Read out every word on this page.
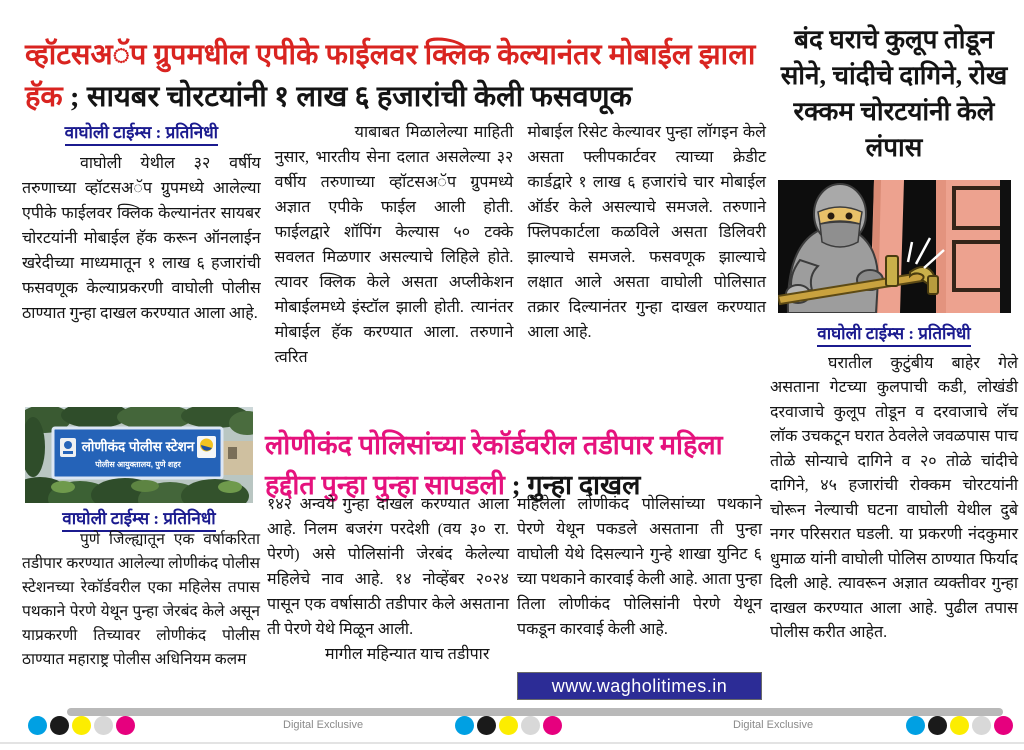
व्हॉटसअॅप ग्रुपमधील एपीके फाईलवर क्लिक केल्यानंतर मोबाईल झाला हॅक ; सायबर चोरटयांनी १ लाख ६ हजारांची केली फसवणूक
वाघोली टाईम्स : प्रतिनिधी

वाघोली येथील ३२ वर्षीय तरुणाच्या व्हॉटसअॅप ग्रुपमध्ये आलेल्या एपीके फाईलवर क्लिक केल्यानंतर सायबर चोरटयांनी मोबाईल हॅक करून ऑनलाईन खरेदीच्या माध्यमातून १ लाख ६ हजारांची फसवणूक केल्याप्रकरणी वाघोली पोलीस ठाण्यात गुन्हा दाखल करण्यात आला आहे.

याबाबत मिळालेल्या माहिती नुसार, भारतीय सेना दलात असलेल्या ३२ वर्षीय तरुणाच्या व्हॉटसअॅप ग्रुपमध्ये अज्ञात एपीके फाईल आली होती. फाईलद्वारे शॉपिंग केल्यास ५० टक्के सवलत मिळणार असल्याचे लिहिले होते. त्यावर क्लिक केले असता अप्लीकेशन मोबाईलमध्ये इंस्टॉल झाली होती. त्यानंतर मोबाईल हॅक करण्यात आला. तरुणाने त्वरित

मोबाईल रिसेट केल्यावर पुन्हा लॉगइन केले असता फ्लीपकार्टवर त्याच्या क्रेडीट कार्डद्वारे १ लाख ६ हजारांचे चार मोबाईल ऑर्डर केले असल्याचे समजले. तरुणाने फ्लिपकार्टला कळविले असता डिलिवरी झाल्याचे समजले. फसवणूक झाल्याचे लक्षात आले असता वाघोली पोलिसात तक्रार दिल्यानंतर गुन्हा दाखल करण्यात आला आहे.

लोणीकंद पोलीस स्टेशन
पोलीस आयुक्तालय, पुणे शहर
वाघोली टाईम्स : प्रतिनिधी

पुणे जिल्ह्यातून एक वर्षाकरिता तडीपार करण्यात आलेल्या लोणीकंद पोलीस स्टेशनच्या रेकॉर्डवरील एका महिलेस तपास पथकाने पेरणे येथून पुन्हा जेरबंद केले असून याप्रकरणी तिच्यावर लोणीकंद पोलीस ठाण्यात महाराष्ट्र पोलीस अधिनियम कलम

लोणीकंद पोलिसांच्या रेकॉर्डवरील तडीपार महिला हद्दीत पुन्हा पुन्हा सापडली ; गुन्हा दाखल

१४२ अन्वये गुन्हा दाखल करण्यात आला आहे. निलम बजरंग परदेशी (वय ३० रा. पेरणे) असे पोलिसांनी जेरबंद केलेल्या महिलेचे नाव आहे. १४ नोव्हेंबर २०२४ पासून एक वर्षासाठी तडीपार केले असताना ती पेरणे येथे मिळून आली.

मागील महिन्यात याच तडीपार

महिलेला लोणीकंद पोलिसांच्या पथकाने पेरणे येथून पकडले असताना ती पुन्हा वाघोली येथे दिसल्याने गुन्हे शाखा युनिट ६ च्या पथकाने कारवाई केली आहे. आता पुन्हा तिला लोणीकंद पोलिसांनी पेरणे येथून पकडून कारवाई केली आहे.

www.wagholitimes.in
बंद घराचे कुलूप तोडून सोने, चांदीचे दागिने, रोख रक्कम चोरटयांनी केले लंपास
वाघोली टाईम्स : प्रतिनिधी

घरातील कुटुंबीय बाहेर गेले असताना गेटच्या कुलपाची कडी, लोखंडी दरवाजाचे कुलूप तोडून व दरवाजाचे लॅच लॉक उचकटून घरात ठेवलेले जवळपास पाच तोळे सोन्याचे दागिने व २० तोळे चांदीचे दागिने, ४५ हजारांची रोक्कम चोरटयांनी चोरून नेल्याची घटना वाघोली येथील दुबे नगर परिसरात घडली. या प्रकरणी नंदकुमार धुमाळ यांनी वाघोली पोलिस ठाण्यात फिर्याद दिली आहे. त्यावरून अज्ञात व्यक्तीवर गुन्हा दाखल करण्यात आला आहे. पुढील तपास पोलीस करीत आहेत.

Digital Exclusive	Digital Exclusive
